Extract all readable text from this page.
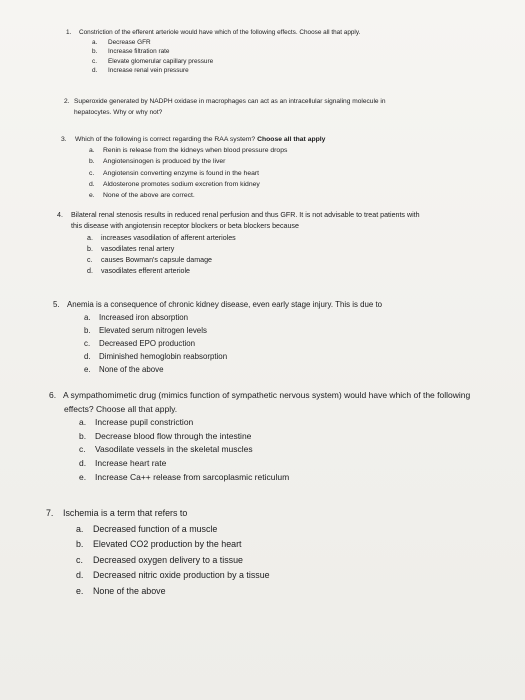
1.	Constriction of the efferent arteriole would have which of the following effects. Choose all that apply.
a.	Decrease GFR
b.	Increase filtration rate
c.	Elevate glomerular capillary pressure
d.	Increase renal vein pressure
2. Superoxide generated by NADPH oxidase in macrophages can act as an intracellular signaling molecule in
hepatocytes. Why or why not?
3.	Which of the following is correct regarding the RAA system?
Choose all that apply
a.	Renin is release from the kidneys when blood pressure drops
b.	Angiotensinogen is produced by the liver
c.	Angiotensin converting enzyme is found in the heart
d.	Aldosterone promotes sodium excretion from kidney
e.	None of the above are correct.
4.	Bilateral renal stenosis results in reduced renal perfusion and thus GFR. It is not advisable to treat patients with
this disease with angiotensin receptor blockers or beta blockers because
a.	increases vasodilation of afferent arterioles
b.	vasodilates renal artery
c.	causes Bowman's capsule damage
d.	vasodilates efferent arteriole
5. Anemia is a consequence of chronic kidney disease, even early stage injury. This is due to
a.	Increased iron absorption
b.	Elevated serum nitrogen levels
c.	Decreased EPO production
d.	Diminished hemoglobin reabsorption
e.	None of the above
6. A sympathomimetic drug (mimics function of sympathetic nervous system) would have which of the following
effects? Choose all that apply.
a.	Increase pupil constriction
b.	Decrease blood flow through the intestine
c.	Vasodilate vessels in the skeletal muscles
d.	Increase heart rate
e.	Increase Ca++ release from sarcoplasmic reticulum
7.	Ischemia is a term that refers to
a.	Decreased function of a muscle
b.	Elevated CO2 production by the heart
c.	Decreased oxygen delivery to a tissue
d.	Decreased nitric oxide production by a tissue
e.	None of the above
